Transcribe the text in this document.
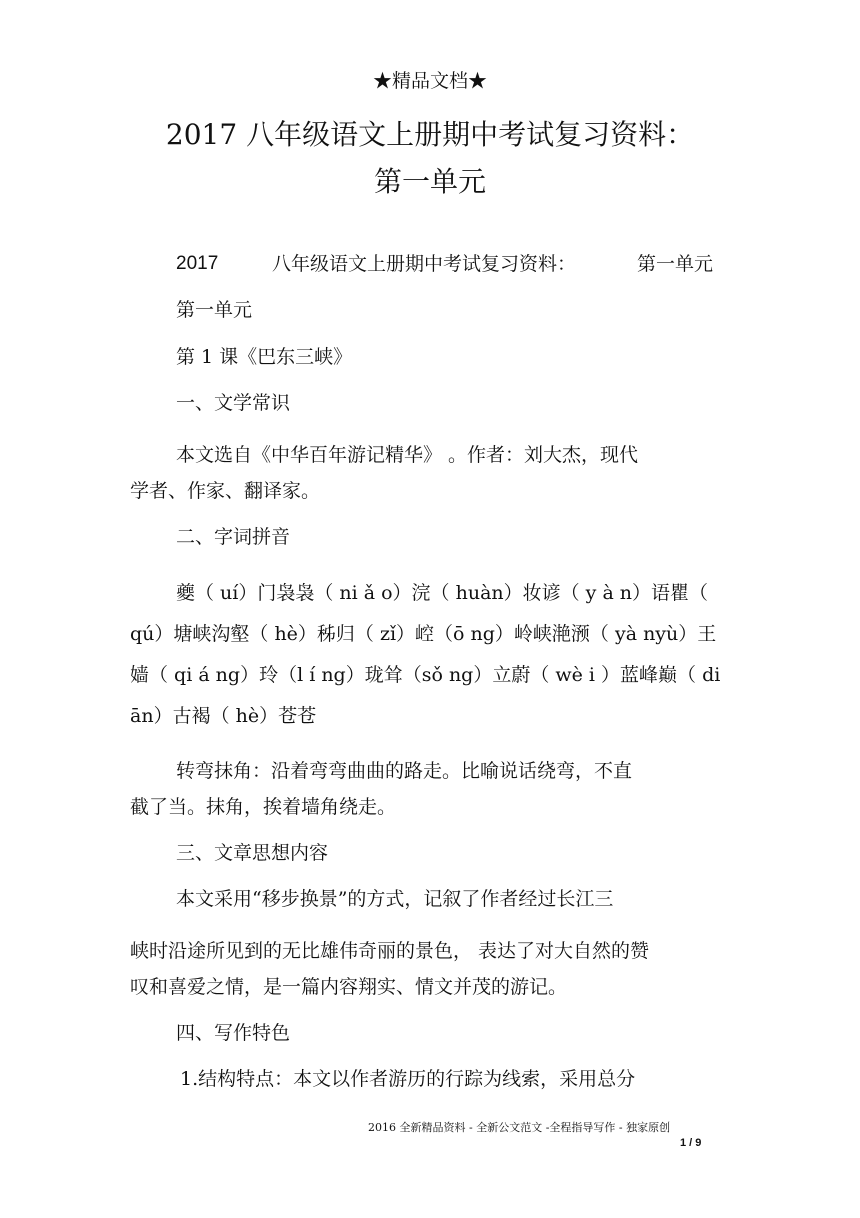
★精品文档★
2017 八年级语文上册期中考试复习资料：
第一单元
2017	八年级语文上册期中考试复习资料：	第一单元
第一单元
第 1 课《巴东三峡》
一、文学常识
本文选自《中华百年游记精华》 。作者：刘大杰，现代
学者、作家、翻译家。
二、字词拼音
夔（ uí）门袅袅（ ni ǎ o）浣（ huàn）妆谚（ y à n）语瞿（
qú）塘峡沟壑（ hè）秭归（ zǐ）崆（ō ng）岭峡滟滪（ yà nyù）王
嫱（ qi á ng）玲（l í ng）珑耸（sǒ ng）立蔚（ wè i ）蓝峰巅（ di
ān）古褐（ hè）苍苍
转弯抹角：沿着弯弯曲曲的路走。比喻说话绕弯，不直
截了当。抹角，挨着墙角绕走。
三、文章思想内容
本文采用“移步换景”的方式，记叙了作者经过长江三
峡时沿途所见到的无比雄伟奇丽的景色， 表达了对大自然的赞
叹和喜爱之情，是一篇内容翔实、情文并茂的游记。
四、写作特色
1.结构特点：本文以作者游历的行踪为线索，采用总分
2016 全新精品资料 - 全新公文范文 -全程指导写作 - 独家原创
1 / 9
